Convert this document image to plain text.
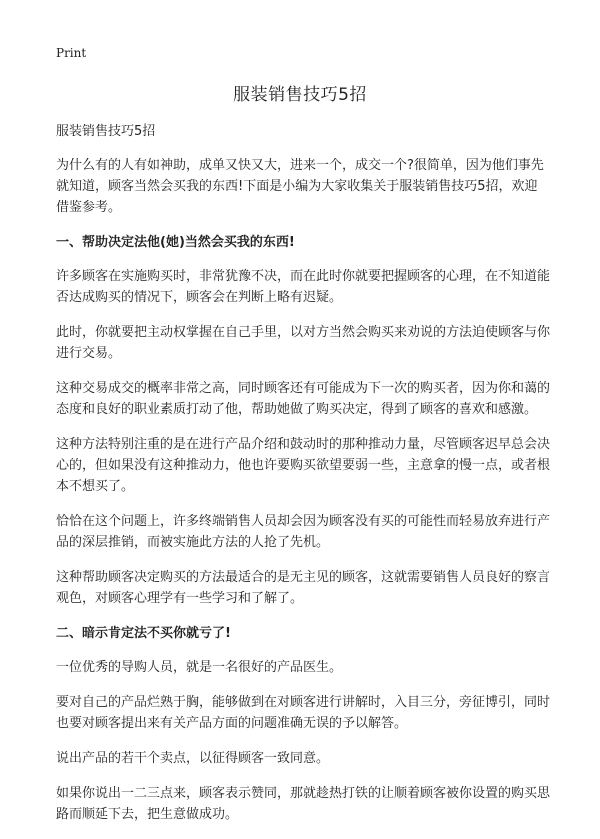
Print
服装销售技巧5招

服装销售技巧5招

为什么有的人有如神助，成单又快又大，进来一个，成交一个?很简单，因为他们事先就知道，顾客当然会买我的东西!下面是小编为大家收集关于服装销售技巧5招，欢迎借鉴参考。

一、帮助决定法他(她)当然会买我的东西!

许多顾客在实施购买时，非常犹豫不决，而在此时你就要把握顾客的心理，在不知道能否达成购买的情况下，顾客会在判断上略有迟疑。

此时，你就要把主动权掌握在自己手里，以对方当然会购买来劝说的方法迫使顾客与你进行交易。

这种交易成交的概率非常之高，同时顾客还有可能成为下一次的购买者，因为你和蔼的态度和良好的职业素质打动了他，帮助她做了购买决定，得到了顾客的喜欢和感激。

这种方法特别注重的是在进行产品介绍和鼓动时的那种推动力量，尽管顾客迟早总会决心的，但如果没有这种推动力，他也许要购买欲望要弱一些，主意拿的慢一点，或者根本不想买了。

恰恰在这个问题上，许多终端销售人员却会因为顾客没有买的可能性而轻易放弃进行产品的深层推销，而被实施此方法的人抢了先机。

这种帮助顾客决定购买的方法最适合的是无主见的顾客，这就需要销售人员良好的察言观色，对顾客心理学有一些学习和了解了。

二、暗示肯定法不买你就亏了!

一位优秀的导购人员，就是一名很好的产品医生。

要对自己的产品烂熟于胸，能够做到在对顾客进行讲解时，入目三分，旁征博引，同时也要对顾客提出来有关产品方面的问题准确无误的予以解答。

说出产品的若干个卖点，以征得顾客一致同意。

如果你说出一二三点来，顾客表示赞同，那就趁热打铁的让顺着顾客被你设置的购买思路而顺延下去，把生意做成功。
